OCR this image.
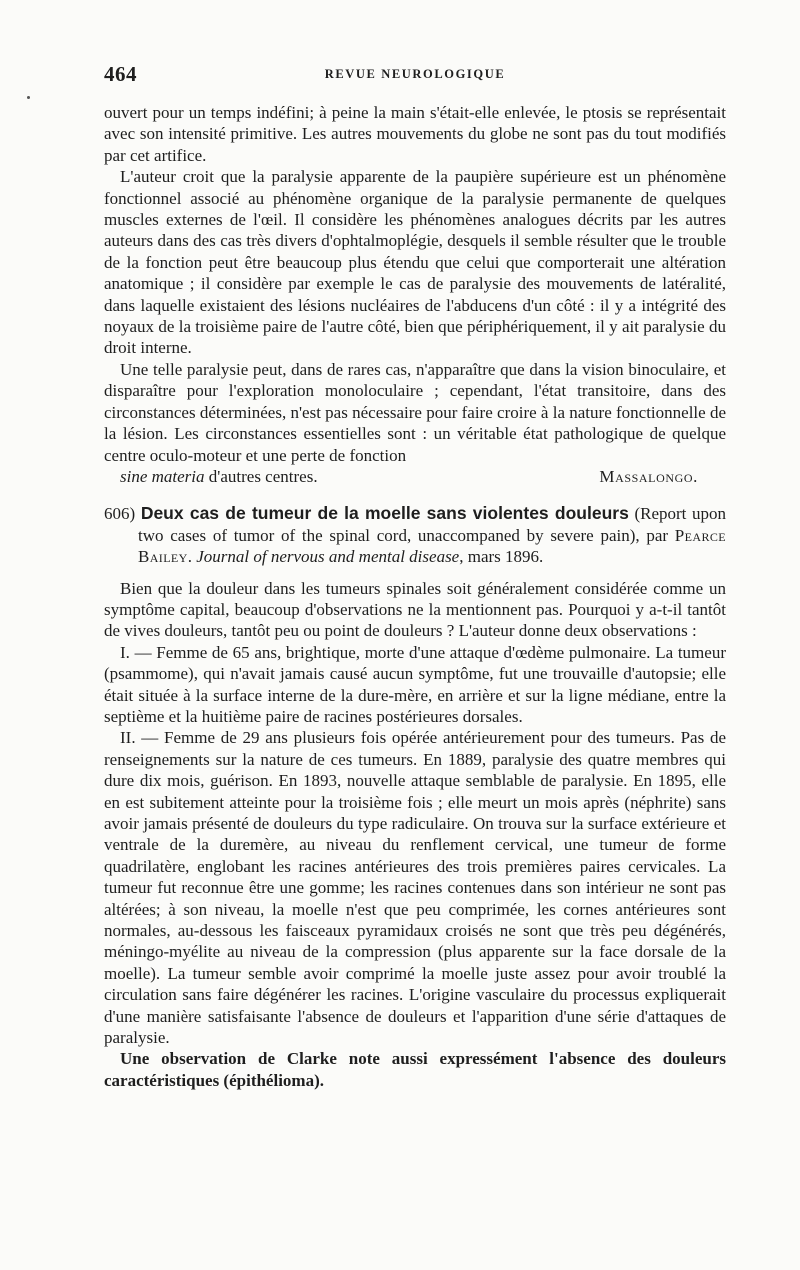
464	REVUE NEUROLOGIQUE

ouvert pour un temps indéfini; à peine la main s'était-elle enlevée, le ptosis se représentait avec son intensité primitive. Les autres mouvements du globe ne sont pas du tout modifiés par cet artifice.

L'auteur croit que la paralysie apparente de la paupière supérieure est un phénomène fonctionnel associé au phénomène organique de la paralysie permanente de quelques muscles externes de l'œil. Il considère les phénomènes analogues décrits par les autres auteurs dans des cas très divers d'ophtalmoplégie, desquels il semble résulter que le trouble de la fonction peut être beaucoup plus étendu que celui que comporterait une altération anatomique ; il considère par exemple le cas de paralysie des mouvements de latéralité, dans laquelle existaient des lésions nucléaires de l'abducens d'un côté : il y a intégrité des noyaux de la troisième paire de l'autre côté, bien que périphériquement, il y ait paralysie du droit interne.

Une telle paralysie peut, dans de rares cas, n'apparaître que dans la vision binoculaire, et disparaître pour l'exploration monoloculaire ; cependant, l'état transitoire, dans des circonstances déterminées, n'est pas nécessaire pour faire croire à la nature fonctionnelle de la lésion. Les circonstances essentielles sont : un véritable état pathologique de quelque centre oculo-moteur et une perte de fonction
sine materia d'autres centres.	Massalongo.

606) Deux cas de tumeur de la moelle sans violentes douleurs (Report upon two cases of tumor of the spinal cord, unaccompaned by severe pain), par Pearce Bailey. Journal of nervous and mental disease, mars 1896.

Bien que la douleur dans les tumeurs spinales soit généralement considérée comme un symptôme capital, beaucoup d'observations ne la mentionnent pas. Pourquoi y a-t-il tantôt de vives douleurs, tantôt peu ou point de douleurs ? L'auteur donne deux observations :

I. — Femme de 65 ans, brightique, morte d'une attaque d'œdème pulmonaire. La tumeur (psammome), qui n'avait jamais causé aucun symptôme, fut une trouvaille d'autopsie; elle était située à la surface interne de la dure-mère, en arrière et sur la ligne médiane, entre la septième et la huitième paire de racines postérieures dorsales.

II. — Femme de 29 ans plusieurs fois opérée antérieurement pour des tumeurs. Pas de renseignements sur la nature de ces tumeurs. En 1889, paralysie des quatre membres qui dure dix mois, guérison. En 1893, nouvelle attaque semblable de paralysie. En 1895, elle en est subitement atteinte pour la troisième fois ; elle meurt un mois après (néphrite) sans avoir jamais présenté de douleurs du type radiculaire. On trouva sur la surface extérieure et ventrale de la duremère, au niveau du renflement cervical, une tumeur de forme quadrilatère, englobant les racines antérieures des trois premières paires cervicales. La tumeur fut reconnue être une gomme; les racines contenues dans son intérieur ne sont pas altérées; à son niveau, la moelle n'est que peu comprimée, les cornes antérieures sont normales, au-dessous les faisceaux pyramidaux croisés ne sont que très peu dégénérés, méningo-myélite au niveau de la compression (plus apparente sur la face dorsale de la moelle). La tumeur semble avoir comprimé la moelle juste assez pour avoir troublé la circulation sans faire dégénérer les racines. L'origine vasculaire du processus expliquerait d'une manière satisfaisante l'absence de douleurs et l'apparition d'une série d'attaques de paralysie.

Une observation de Clarke note aussi expressément l'absence des douleurs caractéristiques (épithélioma).
